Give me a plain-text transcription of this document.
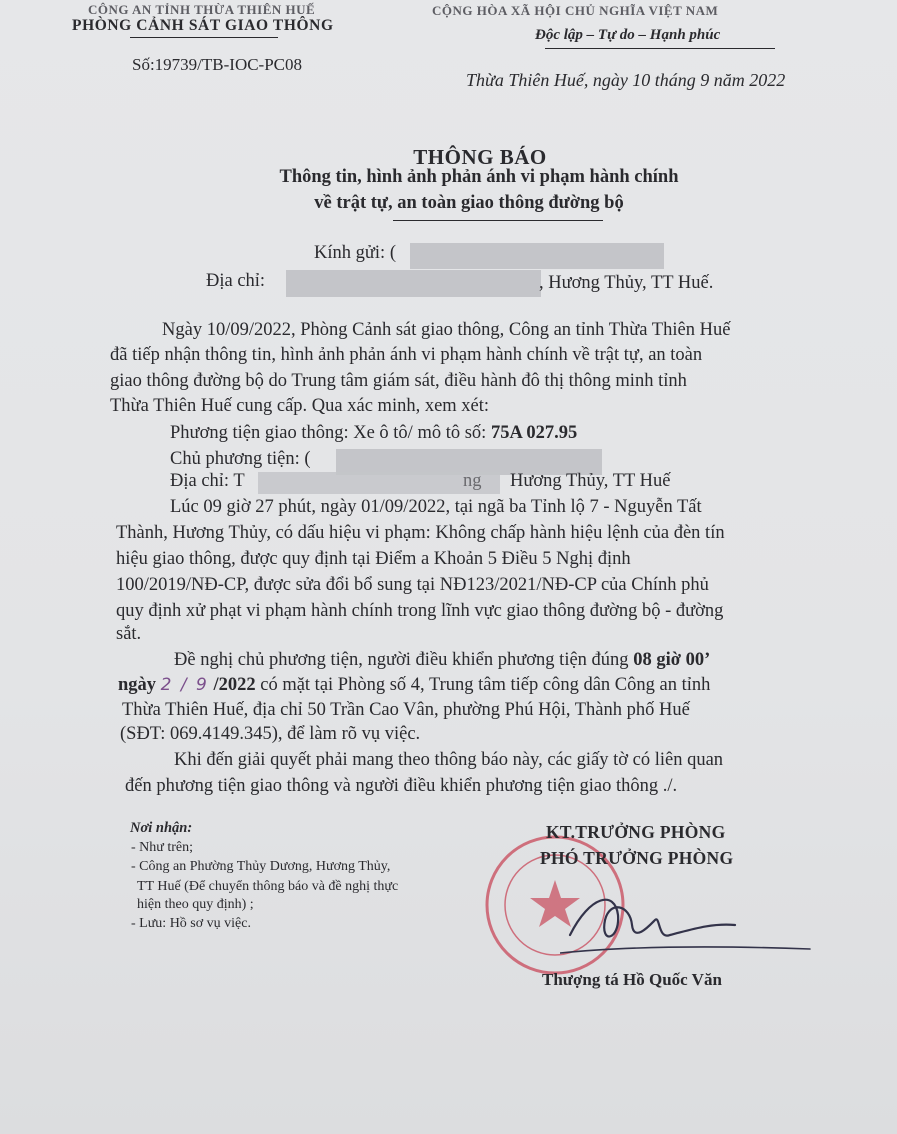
CÔNG AN TỈNH THỪA THIÊN HUẾ
PHÒNG CẢNH SÁT GIAO THÔNG
Số:19739/TB-IOC-PC08
CỘNG HÒA XÃ HỘI CHỦ NGHĨA VIỆT NAM
Độc lập – Tự do – Hạnh phúc
Thừa Thiên Huế, ngày 10 tháng 9 năm 2022
THÔNG BÁO
Thông tin, hình ảnh phản ánh vi phạm hành chính
về trật tự, an toàn giao thông đường bộ
Kính gửi: (
Địa chỉ:	, Hương Thủy, TT Huế.
Ngày 10/09/2022, Phòng Cảnh sát giao thông, Công an tỉnh Thừa Thiên Huế
đã tiếp nhận thông tin, hình ảnh phản ánh vi phạm hành chính về trật tự, an toàn
giao thông đường bộ do Trung tâm giám sát, điều hành đô thị thông minh tỉnh
Thừa Thiên Huế cung cấp. Qua xác minh, xem xét:
Phương tiện giao thông: Xe ô tô/ mô tô số: 75A 027.95
Chủ phương tiện: (
Địa chỉ: T	ng Hương Thủy, TT Huế
Lúc 09 giờ 27 phút, ngày 01/09/2022, tại ngã ba Tỉnh lộ 7 - Nguyễn Tất
Thành, Hương Thủy, có dấu hiệu vi phạm: Không chấp hành hiệu lệnh của đèn tín
hiệu giao thông, được quy định tại Điểm a Khoản 5 Điều 5 Nghị định
100/2019/NĐ-CP, được sửa đổi bổ sung tại NĐ123/2021/NĐ-CP của Chính phủ
quy định xử phạt vi phạm hành chính trong lĩnh vực giao thông đường bộ - đường
sắt.
Đề nghị chủ phương tiện, người điều khiển phương tiện đúng 08 giờ 00’
ngày 2 / 9 /2022 có mặt tại Phòng số 4, Trung tâm tiếp công dân Công an tỉnh
Thừa Thiên Huế, địa chỉ 50 Trần Cao Vân, phường Phú Hội, Thành phố Huế
(SĐT: 069.4149.345), để làm rõ vụ việc.
Khi đến giải quyết phải mang theo thông báo này, các giấy tờ có liên quan
đến phương tiện giao thông và người điều khiển phương tiện giao thông ./.
Nơi nhận:
- Như trên;
- Công an Phường Thủy Dương, Hương Thủy,
TT Huế (Để chuyển thông báo và đề nghị thực
hiện theo quy định) ;
- Lưu: Hồ sơ vụ việc.
KT.TRƯỞNG PHÒNG
PHÓ TRƯỞNG PHÒNG
Thượng tá Hồ Quốc Văn
